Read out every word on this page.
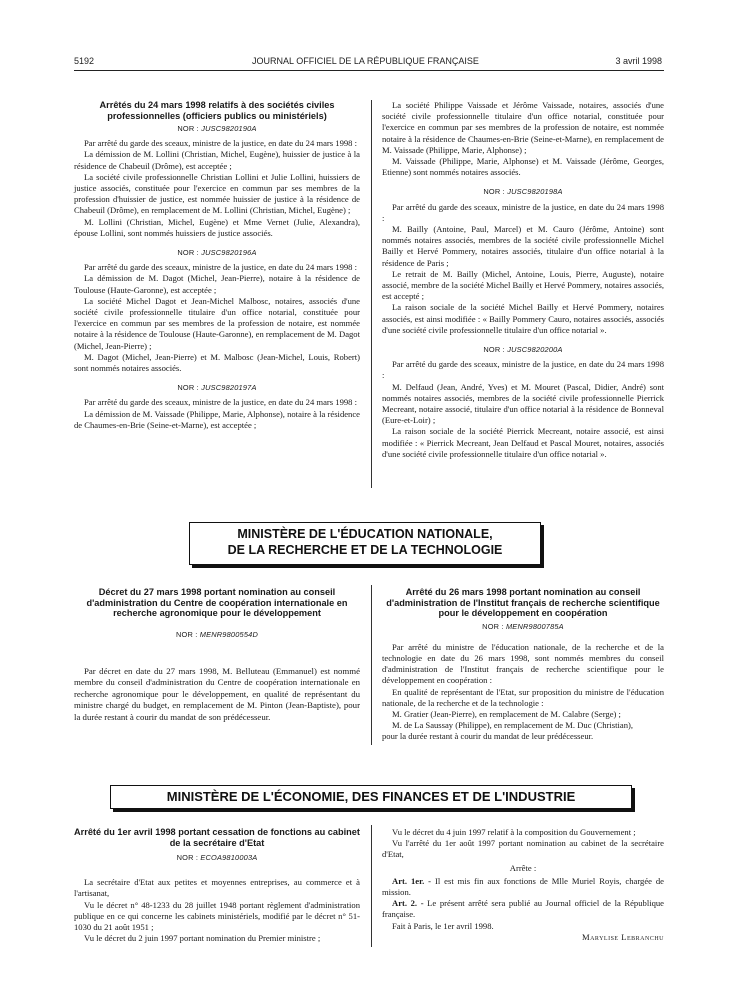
5192	JOURNAL OFFICIEL DE LA RÉPUBLIQUE FRANÇAISE	3 avril 1998

Arrêtés du 24 mars 1998 relatifs à des sociétés civiles professionnelles (officiers publics ou ministériels)

NOR : JUSC9820190A

Par arrêté du garde des sceaux, ministre de la justice, en date du 24 mars 1998 :

La démission de M. Lollini (Christian, Michel, Eugène), huissier de justice à la résidence de Chabeuil (Drôme), est acceptée ;

La société civile professionnelle Christian Lollini et Julie Lollini, huissiers de justice associés, constituée pour l'exercice en commun par ses membres de la profession d'huissier de justice, est nommée huissier de justice à la résidence de Chabeuil (Drôme), en remplacement de M. Lollini (Christian, Michel, Eugène) ;

M. Lollini (Christian, Michel, Eugène) et Mme Vernet (Julie, Alexandra), épouse Lollini, sont nommés huissiers de justice associés.

NOR : JUSC9820196A

Par arrêté du garde des sceaux, ministre de la justice, en date du 24 mars 1998 :

La démission de M. Dagot (Michel, Jean-Pierre), notaire à la résidence de Toulouse (Haute-Garonne), est acceptée ;

La société Michel Dagot et Jean-Michel Malbosc, notaires, associés d'une société civile professionnelle titulaire d'un office notarial, constituée pour l'exercice en commun par ses membres de la profession de notaire, est nommée notaire à la résidence de Toulouse (Haute-Garonne), en remplacement de M. Dagot (Michel, Jean-Pierre) ;

M. Dagot (Michel, Jean-Pierre) et M. Malbosc (Jean-Michel, Louis, Robert) sont nommés notaires associés.

NOR : JUSC9820197A

Par arrêté du garde des sceaux, ministre de la justice, en date du 24 mars 1998 :

La démission de M. Vaissade (Philippe, Marie, Alphonse), notaire à la résidence de Chaumes-en-Brie (Seine-et-Marne), est acceptée ;

La société Philippe Vaissade et Jérôme Vaissade, notaires, associés d'une société civile professionnelle titulaire d'un office notarial, constituée pour l'exercice en commun par ses membres de la profession de notaire, est nommée notaire à la résidence de Chaumes-en-Brie (Seine-et-Marne), en remplacement de M. Vaissade (Philippe, Marie, Alphonse) ;

M. Vaissade (Philippe, Marie, Alphonse) et M. Vaissade (Jérôme, Georges, Etienne) sont nommés notaires associés.

NOR : JUSC9820198A

Par arrêté du garde des sceaux, ministre de la justice, en date du 24 mars 1998 :

M. Bailly (Antoine, Paul, Marcel) et M. Cauro (Jérôme, Antoine) sont nommés notaires associés, membres de la société civile professionnelle Michel Bailly et Hervé Pommery, notaires associés, titulaire d'un office notarial à la résidence de Paris ;

Le retrait de M. Bailly (Michel, Antoine, Louis, Pierre, Auguste), notaire associé, membre de la société Michel Bailly et Hervé Pommery, notaires associés, est accepté ;

La raison sociale de la société Michel Bailly et Hervé Pommery, notaires associés, est ainsi modifiée : « Bailly Pommery Cauro, notaires associés, associés d'une société civile professionnelle titulaire d'un office notarial ».

NOR : JUSC9820200A

Par arrêté du garde des sceaux, ministre de la justice, en date du 24 mars 1998 :

M. Delfaud (Jean, André, Yves) et M. Mouret (Pascal, Didier, André) sont nommés notaires associés, membres de la société civile professionnelle Pierrick Mecreant, notaire associé, titulaire d'un office notarial à la résidence de Bonneval (Eure-et-Loir) ;

La raison sociale de la société Pierrick Mecreant, notaire associé, est ainsi modifiée : « Pierrick Mecreant, Jean Delfaud et Pascal Mouret, notaires, associés d'une société civile professionnelle titulaire d'un office notarial ».

MINISTÈRE DE L'ÉDUCATION NATIONALE,
DE LA RECHERCHE ET DE LA TECHNOLOGIE

Décret du 27 mars 1998 portant nomination au conseil d'administration du Centre de coopération internationale en recherche agronomique pour le développement

NOR : MENR9800554D

Par décret en date du 27 mars 1998, M. Belluteau (Emmanuel) est nommé membre du conseil d'administration du Centre de coopération internationale en recherche agronomique pour le développement, en qualité de représentant du ministre chargé du budget, en remplacement de M. Pinton (Jean-Baptiste), pour la durée restant à courir du mandat de son prédécesseur.

Arrêté du 26 mars 1998 portant nomination au conseil d'administration de l'Institut français de recherche scientifique pour le développement en coopération

NOR : MENR9800785A

Par arrêté du ministre de l'éducation nationale, de la recherche et de la technologie en date du 26 mars 1998, sont nommés membres du conseil d'administration de l'Institut français de recherche scientifique pour le développement en coopération :

En qualité de représentant de l'Etat, sur proposition du ministre de l'éducation nationale, de la recherche et de la technologie :

M. Gratier (Jean-Pierre), en remplacement de M. Calabre (Serge) ;

M. de La Saussay (Philippe), en remplacement de M. Duc (Christian),

pour la durée restant à courir du mandat de leur prédécesseur.

MINISTÈRE DE L'ÉCONOMIE, DES FINANCES ET DE L'INDUSTRIE

Arrêté du 1er avril 1998 portant cessation de fonctions au cabinet de la secrétaire d'Etat

NOR : ECOA9810003A

La secrétaire d'Etat aux petites et moyennes entreprises, au commerce et à l'artisanat,

Vu le décret n° 48-1233 du 28 juillet 1948 portant règlement d'administration publique en ce qui concerne les cabinets ministériels, modifié par le décret n° 51-1030 du 21 août 1951 ;

Vu le décret du 2 juin 1997 portant nomination du Premier ministre ;

Vu le décret du 4 juin 1997 relatif à la composition du Gouvernement ;

Vu l'arrêté du 1er août 1997 portant nomination au cabinet de la secrétaire d'Etat,

Arrête :

Art. 1er. - Il est mis fin aux fonctions de Mlle Muriel Royis, chargée de mission.

Art. 2. - Le présent arrêté sera publié au Journal officiel de la République française.

Fait à Paris, le 1er avril 1998.

Marylise Lebranchu
